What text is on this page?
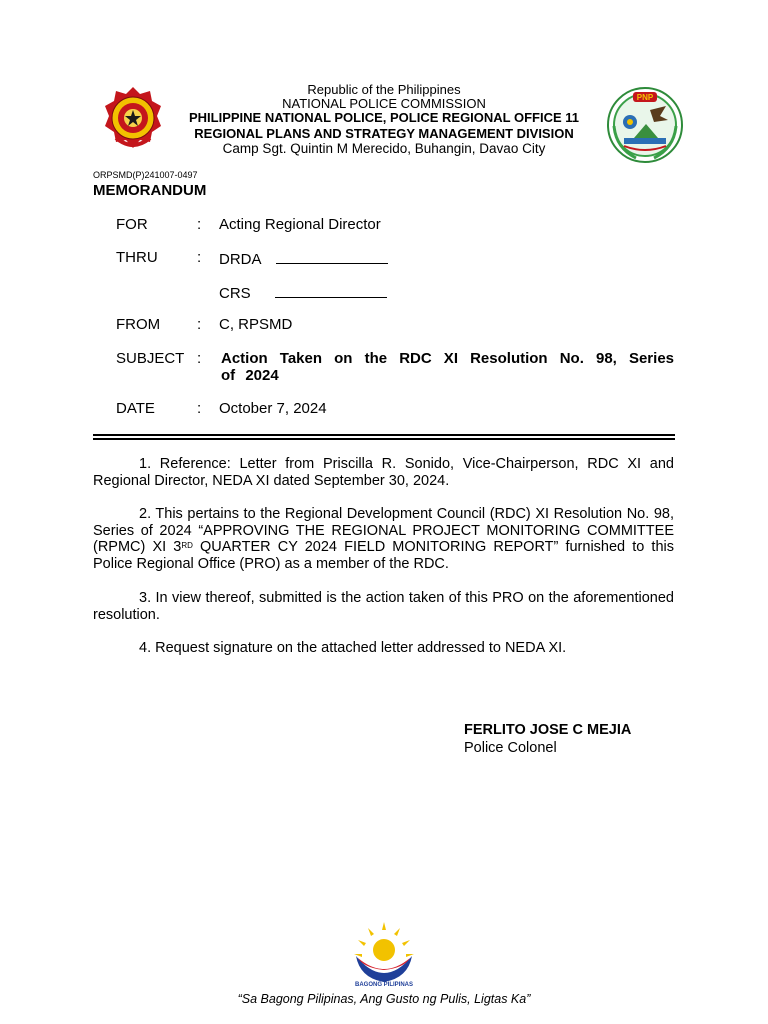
PNP
Republic of the Philippines
NATIONAL POLICE COMMISSION
PHILIPPINE NATIONAL POLICE, POLICE REGIONAL OFFICE 11
REGIONAL PLANS AND STRATEGY MANAGEMENT DIVISION
Camp Sgt. Quintin M Merecido, Buhangin, Davao City
ORPSMD(P)241007-0497
MEMORANDUM
FOR	: Acting Regional Director
THRU	: DRDA
CRS
FROM : C, RPSMD
SUBJECT : Action Taken on the RDC XI Resolution No. 98, Series of 2024
DATE	: October 7, 2024
1. Reference: Letter from Priscilla R. Sonido, Vice-Chairperson, RDC XI and Regional Director, NEDA XI dated September 30, 2024.
2. This pertains to the Regional Development Council (RDC) XI Resolution No. 98, Series of 2024 “APPROVING THE REGIONAL PROJECT MONITORING COMMITTEE (RPMC) XI 3RD QUARTER CY 2024 FIELD MONITORING REPORT” furnished to this Police Regional Office (PRO) as a member of the RDC.
3. In view thereof, submitted is the action taken of this PRO on the aforementioned resolution.
4. Request signature on the attached letter addressed to NEDA XI.
FERLITO JOSE C MEJIA
Police Colonel
BAGONG PILIPINAS
“Sa Bagong Pilipinas, Ang Gusto ng Pulis, Ligtas Ka”
